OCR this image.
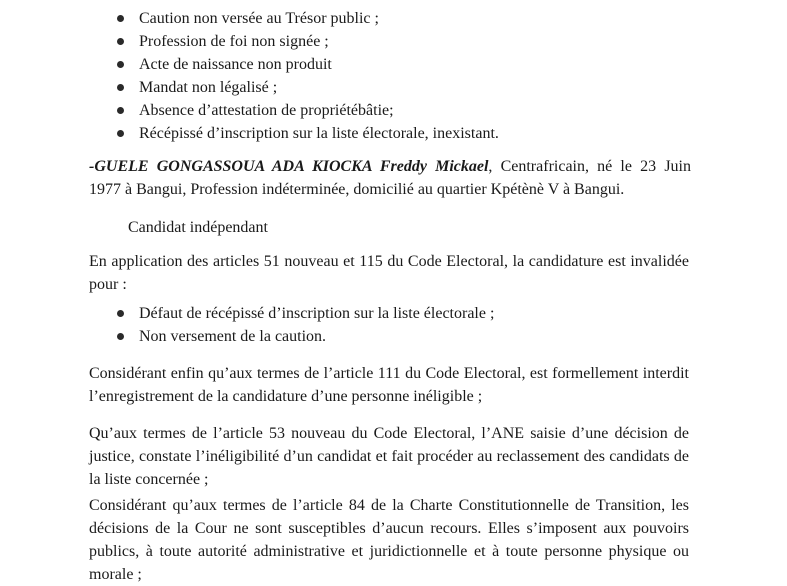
Caution non versée au Trésor public ;
Profession de foi non signée ;
Acte de naissance non produit
Mandat non légalisé ;
Absence d’attestation de propriétébâtie;
Récépissé d’inscription sur la liste électorale, inexistant.

-GUELE GONGASSOUA ADA KIOCKA Freddy Mickael, Centrafricain, né le 23 Juin
1977 à Bangui, Profession indéterminée, domicilié au quartier Kpétènè V à Bangui.

Candidat indépendant

En application des articles 51 nouveau et 115 du Code Electoral, la candidature est invalidée
pour :

Défaut de récépissé d’inscription sur la liste électorale ;
Non versement de la caution.

Considérant enfin qu’aux termes de l’article 111 du Code Electoral, est formellement interdit
l’enregistrement de la candidature d’une personne inéligible ;

Qu’aux termes de l’article 53 nouveau du Code Electoral, l’ANE saisie d’une décision de
justice, constate l’inéligibilité d’un candidat et fait procéder au reclassement des candidats de
la liste concernée ;

Considérant qu’aux termes de l’article 84 de la Charte Constitutionnelle de Transition, les
décisions de la Cour ne sont susceptibles d’aucun recours. Elles s’imposent aux pouvoirs
publics, à toute autorité administrative et juridictionnelle et à toute personne physique ou
morale ;
